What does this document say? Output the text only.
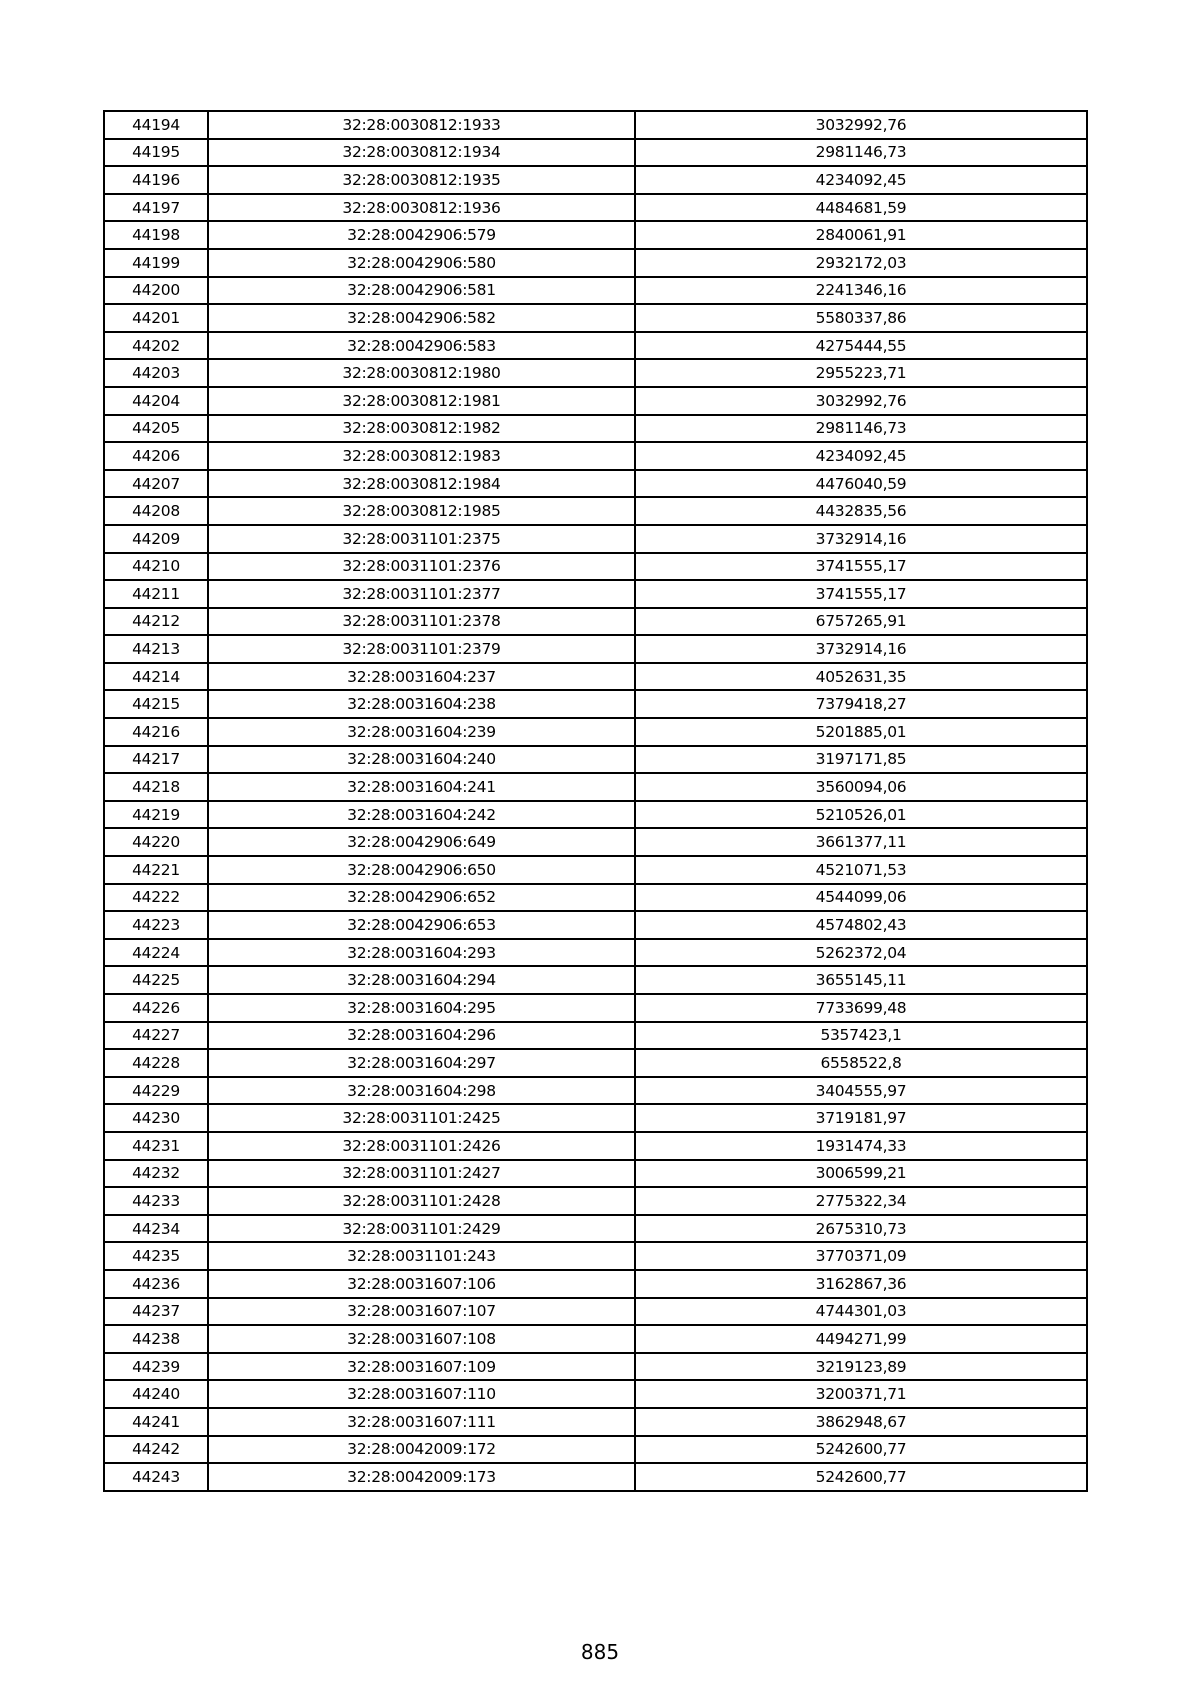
44194	32:28:0030812:1933	3032992,76
44195	32:28:0030812:1934	2981146,73
44196	32:28:0030812:1935	4234092,45
44197	32:28:0030812:1936	4484681,59
44198	32:28:0042906:579	2840061,91
44199	32:28:0042906:580	2932172,03
44200	32:28:0042906:581	2241346,16
44201	32:28:0042906:582	5580337,86
44202	32:28:0042906:583	4275444,55
44203	32:28:0030812:1980	2955223,71
44204	32:28:0030812:1981	3032992,76
44205	32:28:0030812:1982	2981146,73
44206	32:28:0030812:1983	4234092,45
44207	32:28:0030812:1984	4476040,59
44208	32:28:0030812:1985	4432835,56
44209	32:28:0031101:2375	3732914,16
44210	32:28:0031101:2376	3741555,17
44211	32:28:0031101:2377	3741555,17
44212	32:28:0031101:2378	6757265,91
44213	32:28:0031101:2379	3732914,16
44214	32:28:0031604:237	4052631,35
44215	32:28:0031604:238	7379418,27
44216	32:28:0031604:239	5201885,01
44217	32:28:0031604:240	3197171,85
44218	32:28:0031604:241	3560094,06
44219	32:28:0031604:242	5210526,01
44220	32:28:0042906:649	3661377,11
44221	32:28:0042906:650	4521071,53
44222	32:28:0042906:652	4544099,06
44223	32:28:0042906:653	4574802,43
44224	32:28:0031604:293	5262372,04
44225	32:28:0031604:294	3655145,11
44226	32:28:0031604:295	7733699,48
44227	32:28:0031604:296	5357423,1
44228	32:28:0031604:297	6558522,8
44229	32:28:0031604:298	3404555,97
44230	32:28:0031101:2425	3719181,97
44231	32:28:0031101:2426	1931474,33
44232	32:28:0031101:2427	3006599,21
44233	32:28:0031101:2428	2775322,34
44234	32:28:0031101:2429	2675310,73
44235	32:28:0031101:243	3770371,09
44236	32:28:0031607:106	3162867,36
44237	32:28:0031607:107	4744301,03
44238	32:28:0031607:108	4494271,99
44239	32:28:0031607:109	3219123,89
44240	32:28:0031607:110	3200371,71
44241	32:28:0031607:111	3862948,67
44242	32:28:0042009:172	5242600,77
44243	32:28:0042009:173	5242600,77
885
